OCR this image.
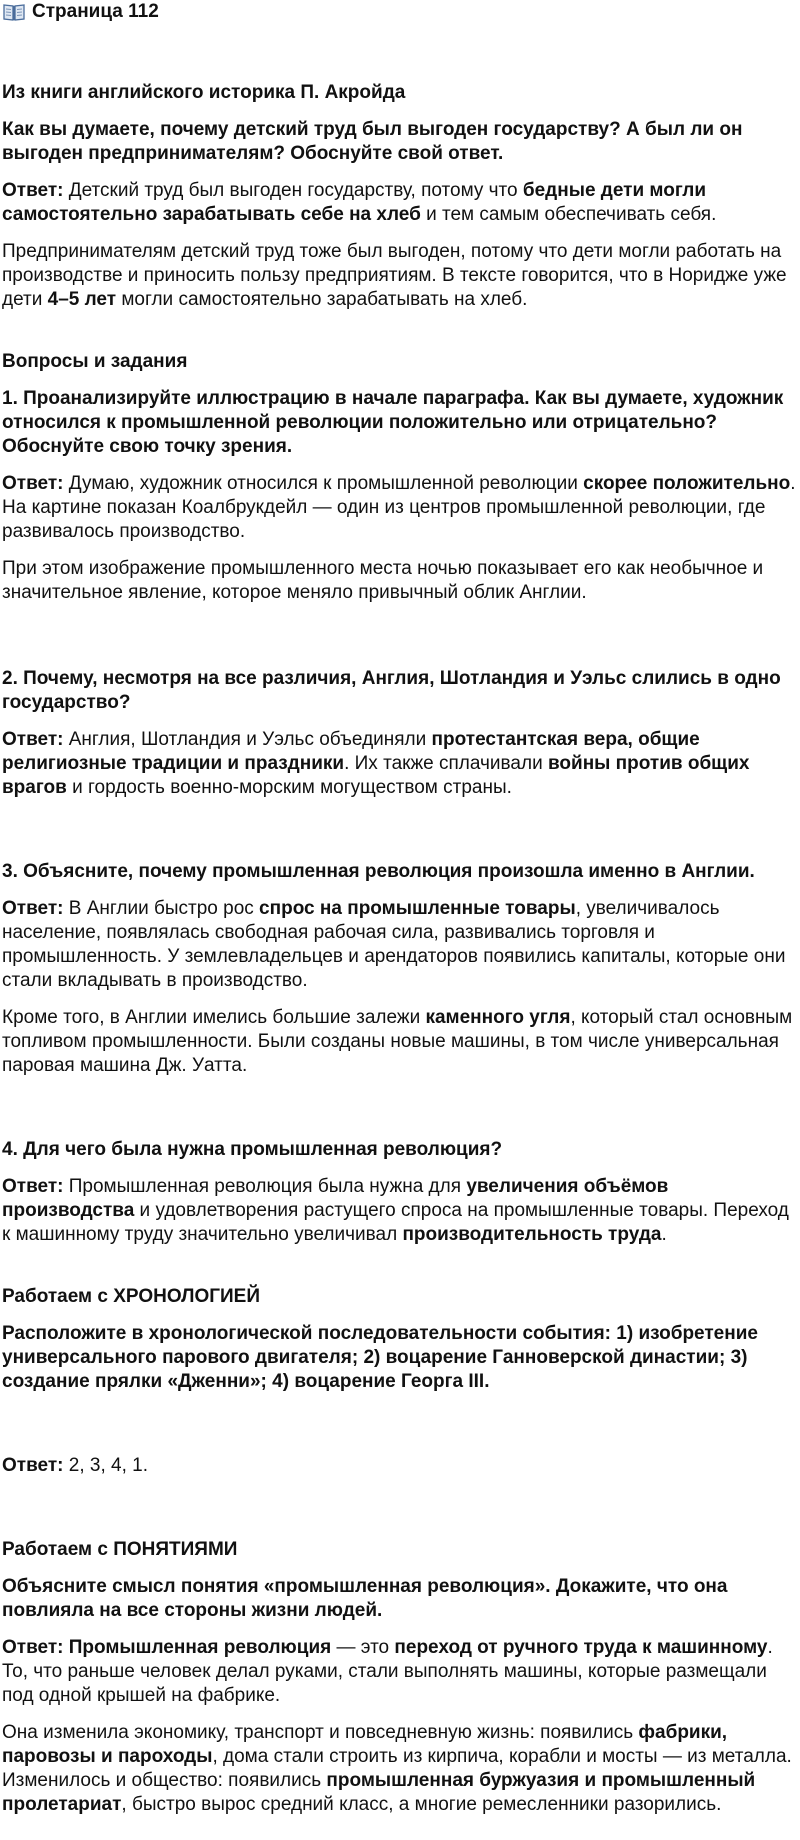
Страница 112

Из книги английского историка П. Акройда

Как вы думаете, почему детский труд был выгоден государству? А был ли он выгоден предпринимателям? Обоснуйте свой ответ.

Ответ: Детский труд был выгоден государству, потому что бедные дети могли самостоятельно зарабатывать себе на хлеб и тем самым обеспечивать себя.

Предпринимателям детский труд тоже был выгоден, потому что дети могли работать на производстве и приносить пользу предприятиям. В тексте говорится, что в Норидже уже дети 4–5 лет могли самостоятельно зарабатывать на хлеб.

Вопросы и задания

1. Проанализируйте иллюстрацию в начале параграфа. Как вы думаете, художник относился к промышленной революции положительно или отрицательно? Обоснуйте свою точку зрения.

Ответ: Думаю, художник относился к промышленной революции скорее положительно. На картине показан Коалбрукдейл — один из центров промышленной революции, где развивалось производство.

При этом изображение промышленного места ночью показывает его как необычное и значительное явление, которое меняло привычный облик Англии.

2. Почему, несмотря на все различия, Англия, Шотландия и Уэльс слились в одно государство?

Ответ: Англия, Шотландия и Уэльс объединяли протестантская вера, общие религиозные традиции и праздники. Их также сплачивали войны против общих врагов и гордость военно-морским могуществом страны.

3. Объясните, почему промышленная революция произошла именно в Англии.

Ответ: В Англии быстро рос спрос на промышленные товары, увеличивалось население, появлялась свободная рабочая сила, развивались торговля и промышленность. У землевладельцев и арендаторов появились капиталы, которые они стали вкладывать в производство.

Кроме того, в Англии имелись большие залежи каменного угля, который стал основным топливом промышленности. Были созданы новые машины, в том числе универсальная паровая машина Дж. Уатта.

4. Для чего была нужна промышленная революция?

Ответ: Промышленная революция была нужна для увеличения объёмов производства и удовлетворения растущего спроса на промышленные товары. Переход к машинному труду значительно увеличивал производительность труда.

Работаем с ХРОНОЛОГИЕЙ

Расположите в хронологической последовательности события: 1) изобретение универсального парового двигателя; 2) воцарение Ганноверской династии; 3) создание прялки «Дженни»; 4) воцарение Георга III.

Ответ: 2, 3, 4, 1.

Работаем с ПОНЯТИЯМИ

Объясните смысл понятия «промышленная революция». Докажите, что она повлияла на все стороны жизни людей.

Ответ: Промышленная революция — это переход от ручного труда к машинному. То, что раньше человек делал руками, стали выполнять машины, которые размещали под одной крышей на фабрике.

Она изменила экономику, транспорт и повседневную жизнь: появились фабрики, паровозы и пароходы, дома стали строить из кирпича, корабли и мосты — из металла. Изменилось и общество: появились промышленная буржуазия и промышленный пролетариат, быстро вырос средний класс, а многие ремесленники разорились.
